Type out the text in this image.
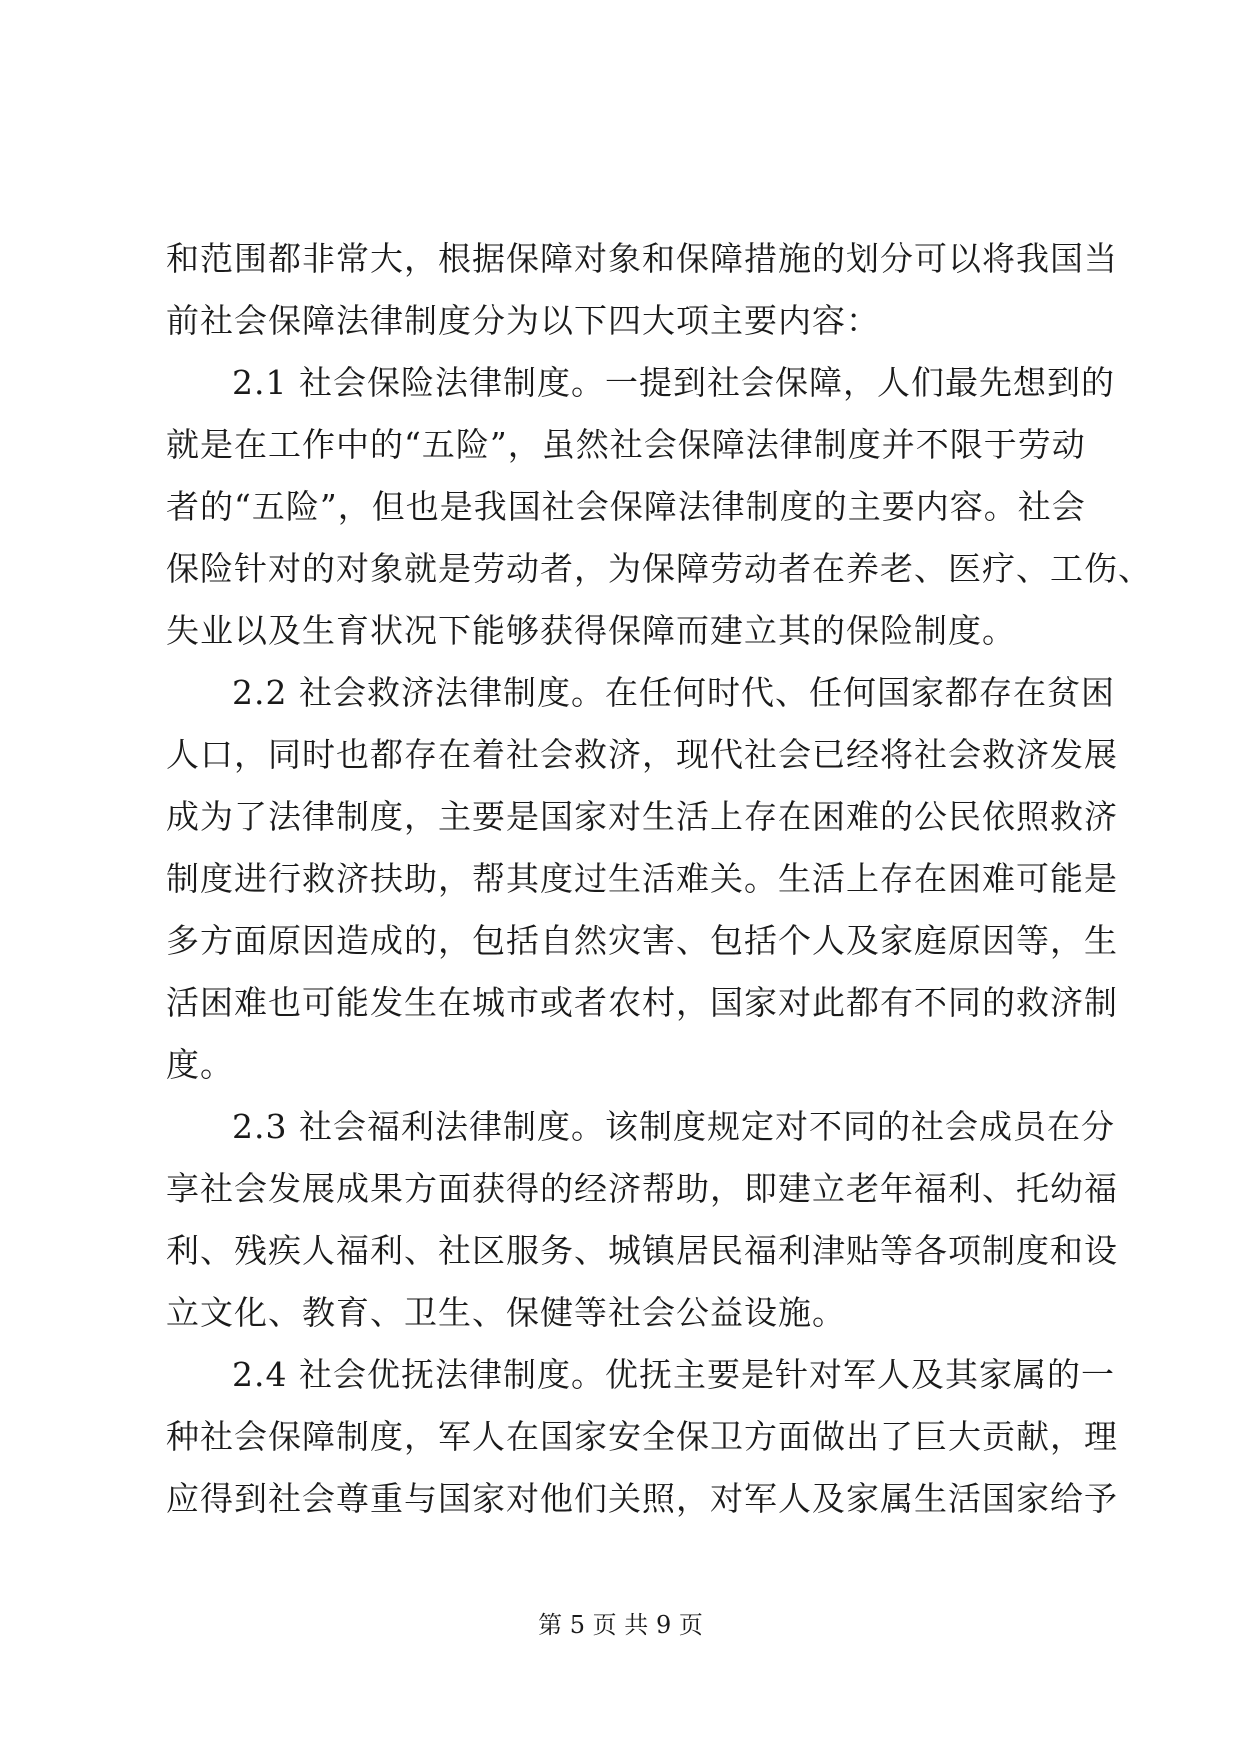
和范围都非常大，根据保障对象和保障措施的划分可以将我国当
前社会保障法律制度分为以下四大项主要内容：
2.1 社会保险法律制度。一提到社会保障，人们最先想到的
就是在工作中的“五险”，虽然社会保障法律制度并不限于劳动
者的“五险”，但也是我国社会保障法律制度的主要内容。社会
保险针对的对象就是劳动者，为保障劳动者在养老、医疗、工伤、
失业以及生育状况下能够获得保障而建立其的保险制度。
2.2 社会救济法律制度。在任何时代、任何国家都存在贫困
人口，同时也都存在着社会救济，现代社会已经将社会救济发展
成为了法律制度，主要是国家对生活上存在困难的公民依照救济
制度进行救济扶助，帮其度过生活难关。生活上存在困难可能是
多方面原因造成的，包括自然灾害、包括个人及家庭原因等，生
活困难也可能发生在城市或者农村，国家对此都有不同的救济制
度。
2.3 社会福利法律制度。该制度规定对不同的社会成员在分
享社会发展成果方面获得的经济帮助，即建立老年福利、托幼福
利、残疾人福利、社区服务、城镇居民福利津贴等各项制度和设
立文化、教育、卫生、保健等社会公益设施。
2.4 社会优抚法律制度。优抚主要是针对军人及其家属的一
种社会保障制度，军人在国家安全保卫方面做出了巨大贡献，理
应得到社会尊重与国家对他们关照，对军人及家属生活国家给予
第 5 页 共 9 页
